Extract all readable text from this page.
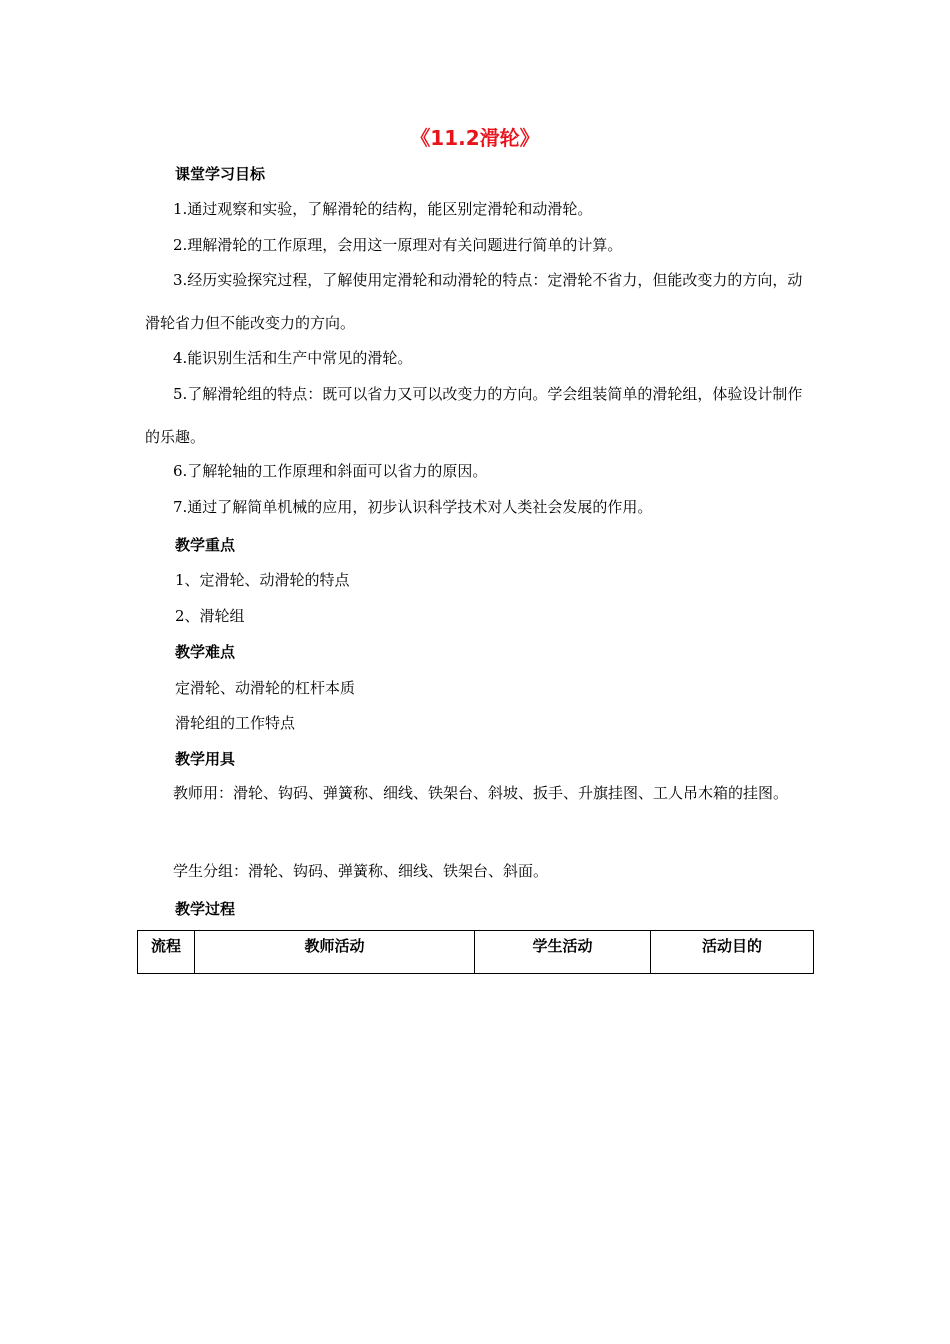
《11.2滑轮》
课堂学习目标
1.通过观察和实验，了解滑轮的结构，能区别定滑轮和动滑轮。
2.理解滑轮的工作原理，会用这一原理对有关问题进行简单的计算。
3.经历实验探究过程，了解使用定滑轮和动滑轮的特点：定滑轮不省力，但能改变力的方向，动滑轮省力但不能改变力的方向。
4.能识别生活和生产中常见的滑轮。
5.了解滑轮组的特点：既可以省力又可以改变力的方向。学会组装简单的滑轮组，体验设计制作的乐趣。
6.了解轮轴的工作原理和斜面可以省力的原因。
7.通过了解简单机械的应用，初步认识科学技术对人类社会发展的作用。
教学重点
1、定滑轮、动滑轮的特点
2、滑轮组
教学难点
定滑轮、动滑轮的杠杆本质
滑轮组的工作特点
教学用具
教师用：滑轮、钩码、弹簧称、细线、铁架台、斜坡、扳手、升旗挂图、工人吊木箱的挂图。
学生分组：滑轮、钩码、弹簧称、细线、铁架台、斜面。
教学过程
流程	教师活动	学生活动	活动目的
